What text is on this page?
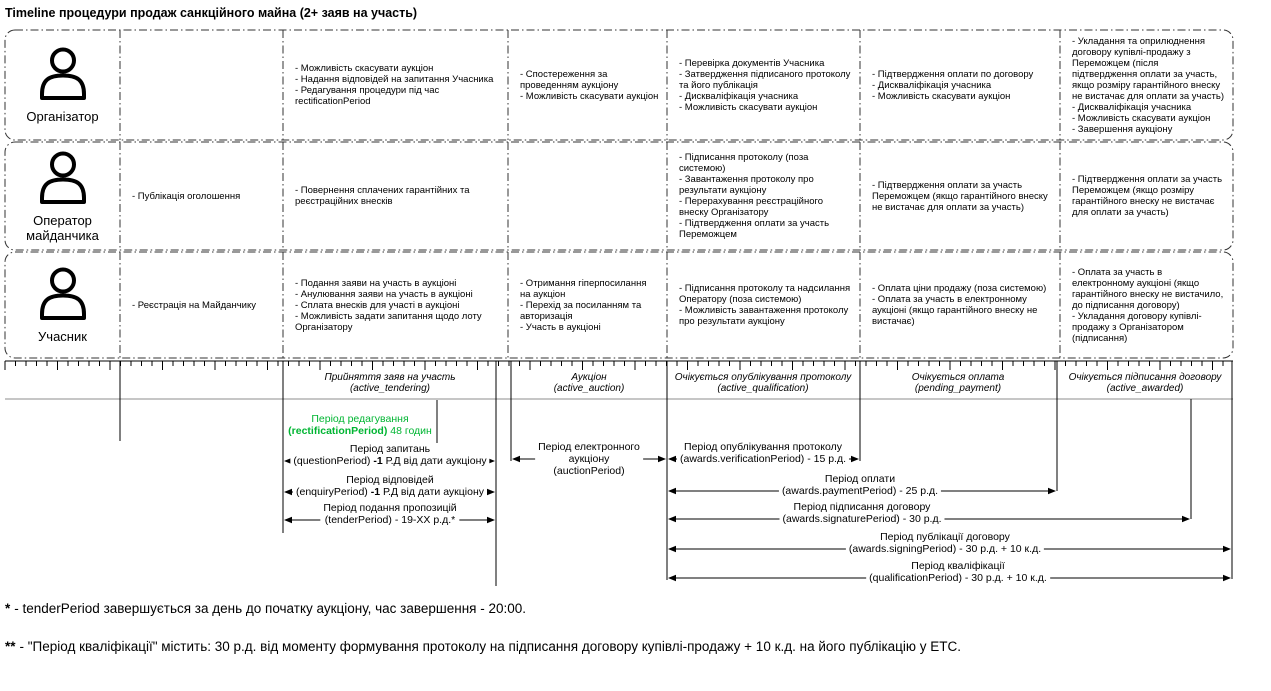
Timeline процедури продаж санкційного майна (2+ заяв на участь)
Організатор
Оператор майданчика
Учасник
- Можливість скасувати аукціон
- Надання відповідей на запитання Учасника
- Редагування процедури під час rectificationPeriod
- Спостереження за проведенням аукціону
- Можливість скасувати аукціон
- Перевірка документів Учасника
- Затвердження підписаного протоколу та його публікація
- Дискваліфікація учасника
- Можливість скасувати аукціон
- Підтвердження оплати по договору
- Дискваліфікація учасника
- Можливість скасувати аукціон
- Укладання та оприлюднення договору купівлі-продажу з Переможцем (після підтвердження оплати за участь, якщо розміру гарантійного внеску не вистачає для оплати за участь)
- Дискваліфікація учасника
- Можливість скасувати аукціон
- Завершення аукціону
- Публікація оголошення	- Повернення сплачених гарантійних та реєстраційних внесків
- Підписання протоколу (поза системою)
- Завантаження протоколу про результати аукціону
- Перерахування реєстраційного внеску Організатору
- Підтвердження оплати за участь Переможцем
- Підтвердження оплати за участь Переможцем (якщо гарантійного внеску не вистачає для оплати за участь)
- Підтвердження оплати за участь Переможцем (якщо розміру гарантійного внеску не вистачає для оплати за участь)
- Реєстрація на Майданчику
- Подання заяви на участь в аукціоні
- Анулювання заяви на участь в аукціоні
- Сплата внесків для участі в аукціоні
- Можливість задати запитання щодо лоту Організатору
- Отримання гіперпосилання на аукціон
- Перехід за посиланням та авторизація
- Участь в аукціоні
- Підписання протоколу та надсилання Оператору (поза системою)
- Можливість завантаження протоколу про результати аукціону
- Оплата ціни продажу (поза системою)
- Оплата за участь в електронному аукціоні (якщо гарантійного внеску не вистачає)
- Оплата за участь в електронному аукціоні (якщо гарантійного внеску не вистачило, до підписання договору)
- Укладання договору купівлі-продажу з Організатором (підписання)
Прийняття заяв на участь
(active_tendering)
Аукціон
(active_auction)
Очікується опублікування протоколу
(active_qualification)
Очікується оплата
(pending_payment)
Очікується підписання договору
(active_awarded)
Період редагування
(rectificationPeriod) 48 годин
Період запитань
(questionPeriod) -1 Р.Д від дати аукціону
Період відповідей
(enquiryPeriod) -1 Р.Д від дати аукціону
Період подання пропозицій
(tenderPeriod) - 19-XX р.д.*
Період електронного
аукціону
(auctionPeriod)
Період опублікування протоколу
(awards.verificationPeriod) - 15 р.д.
Період оплати
(awards.paymentPeriod) - 25 р.д.
Період підписання договору
(awards.signaturePeriod) - 30 р.д.
Період публікації договору
(awards.signingPeriod) - 30 р.д. + 10 к.д.
Період кваліфікації
(qualificationPeriod) - 30 р.д. + 10 к.д.
* - tenderPeriod завершується за день до початку аукціону, час завершення - 20:00.
** - "Період кваліфікації" містить: 30 р.д. від моменту формування протоколу на підписання договору купівлі-продажу + 10 к.д. на його публікацію у ЕТС.
